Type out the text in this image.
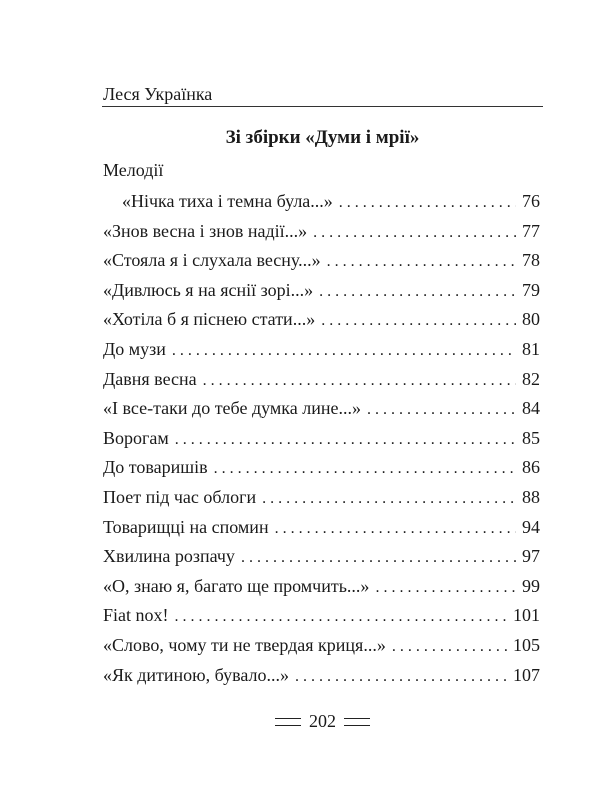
Леся Українка
Зі збірки «Думи і мрії»
Мелодії
«Нічка тиха і темна була...» . . .	76
«Знов весна і знов надії...» . . .	77
«Стояла я і слухала весну...» . . .	78
«Дивлюсь я на яснії зорі...» . . .	79
«Хотіла б я піснею стати...» . . .	80
До музи . . .	81
Давня весна . . .	82
«І все-таки до тебе думка лине...» . . .	84
Ворогам . . .	85
До товаришів . . .	86
Поет під час облоги . . .	88
Товарищці на спомин . . .	94
Хвилина розпачу . . .	97
«О, знаю я, багато ще промчить...» . . .	99
Fiat nox! . . .	101
«Слово, чому ти не твердая криця...» . . .	105
«Як дитиною, бувало...» . . .	107
202
